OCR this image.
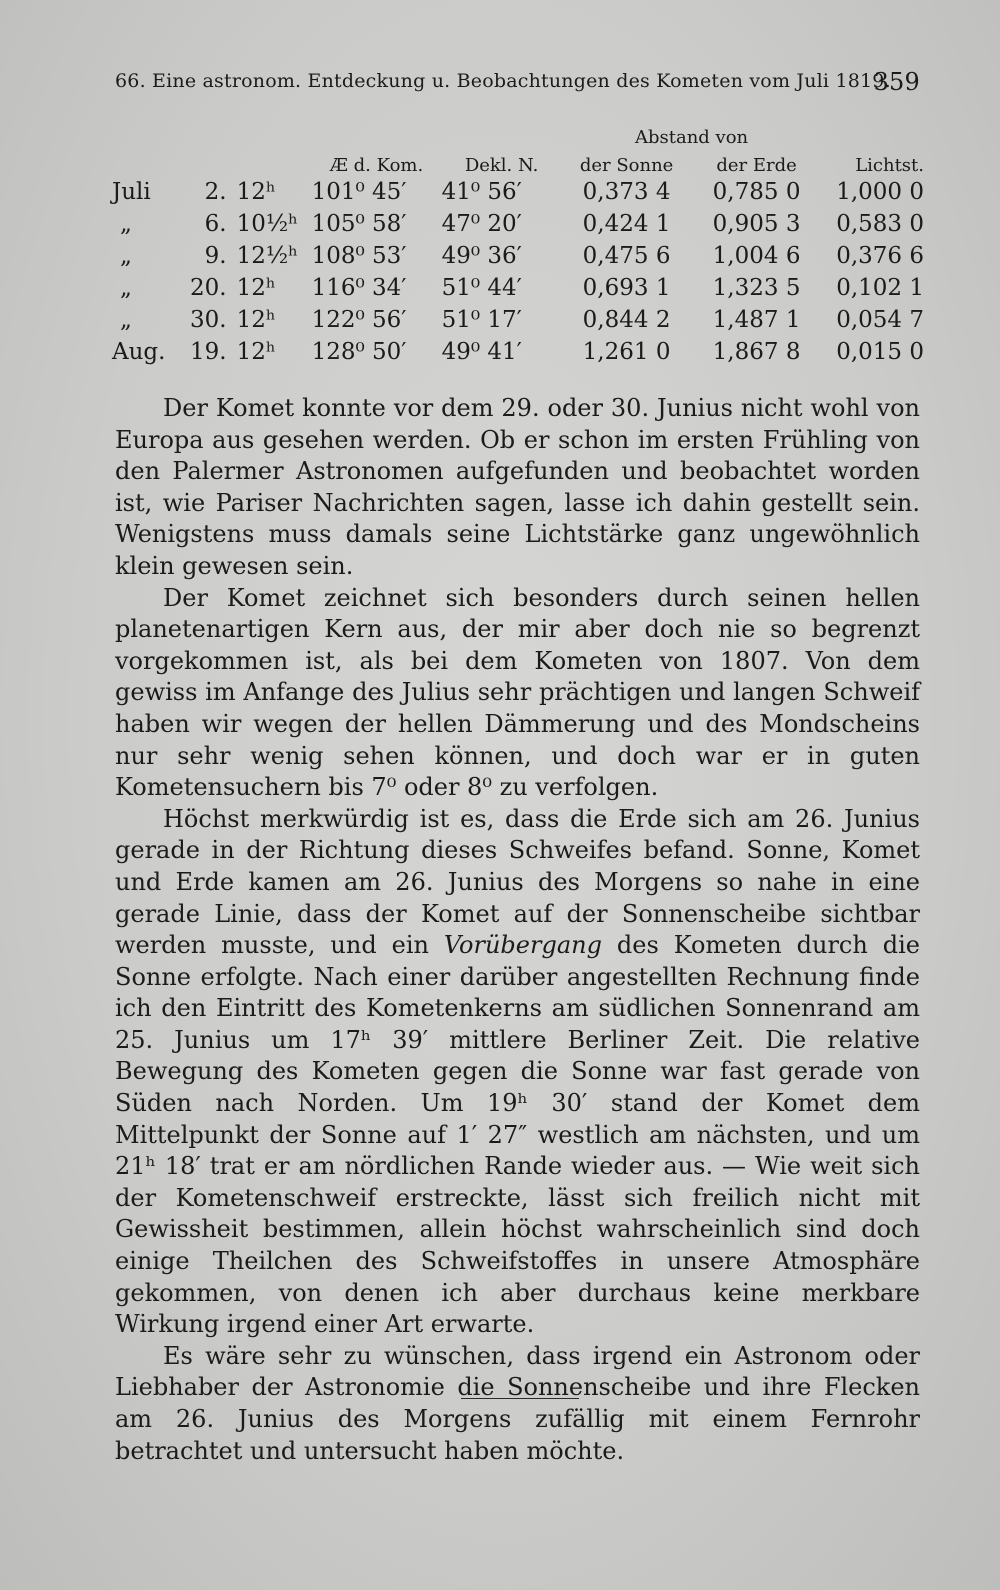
66. Eine astronom. Entdeckung u. Beobachtungen des Kometen vom Juli 1819.
359
					Abstand von		
			Æ d. Kom.	Dekl. N.	der Sonne	der Erde	Lichtst.
Juli	2.	12ʰ	101⁰ 45′	41⁰ 56′	0,373 4	0,785 0	1,000 0
„	6.	10½ʰ	105⁰ 58′	47⁰ 20′	0,424 1	0,905 3	0,583 0
„	9.	12½ʰ	108⁰ 53′	49⁰ 36′	0,475 6	1,004 6	0,376 6
„	20.	12ʰ	116⁰ 34′	51⁰ 44′	0,693 1	1,323 5	0,102 1
„	30.	12ʰ	122⁰ 56′	51⁰ 17′	0,844 2	1,487 1	0,054 7
Aug.	19.	12ʰ	128⁰ 50′	49⁰ 41′	1,261 0	1,867 8	0,015 0

Der Komet konnte vor dem 29. oder 30. Junius nicht wohl von Europa aus gesehen werden. Ob er schon im ersten Frühling von den Palermer Astronomen aufgefunden und beobachtet worden ist, wie Pariser Nachrichten sagen, lasse ich dahin gestellt sein. Wenigstens muss damals seine Lichtstärke ganz ungewöhnlich klein gewesen sein.

Der Komet zeichnet sich besonders durch seinen hellen planetenartigen Kern aus, der mir aber doch nie so begrenzt vorgekommen ist, als bei dem Kometen von 1807. Von dem gewiss im Anfange des Julius sehr prächtigen und langen Schweif haben wir wegen der hellen Dämmerung und des Mondscheins nur sehr wenig sehen können, und doch war er in guten Kometensuchern bis 7⁰ oder 8⁰ zu verfolgen.

Höchst merkwürdig ist es, dass die Erde sich am 26. Junius gerade in der Richtung dieses Schweifes befand. Sonne, Komet und Erde kamen am 26. Junius des Morgens so nahe in eine gerade Linie, dass der Komet auf der Sonnenscheibe sichtbar werden musste, und ein Vorübergang des Kometen durch die Sonne erfolgte. Nach einer darüber angestellten Rechnung finde ich den Eintritt des Kometenkerns am südlichen Sonnenrand am 25. Junius um 17ʰ 39′ mittlere Berliner Zeit. Die relative Bewegung des Kometen gegen die Sonne war fast gerade von Süden nach Norden. Um 19ʰ 30′ stand der Komet dem Mittelpunkt der Sonne auf 1′ 27″ westlich am nächsten, und um 21ʰ 18′ trat er am nördlichen Rande wieder aus. — Wie weit sich der Kometenschweif erstreckte, lässt sich freilich nicht mit Gewissheit bestimmen, allein höchst wahrscheinlich sind doch einige Theilchen des Schweifstoffes in unsere Atmosphäre gekommen, von denen ich aber durchaus keine merkbare Wirkung irgend einer Art erwarte.

Es wäre sehr zu wünschen, dass irgend ein Astronom oder Liebhaber der Astronomie die Sonnenscheibe und ihre Flecken am 26. Junius des Morgens zufällig mit einem Fernrohr betrachtet und untersucht haben möchte.
